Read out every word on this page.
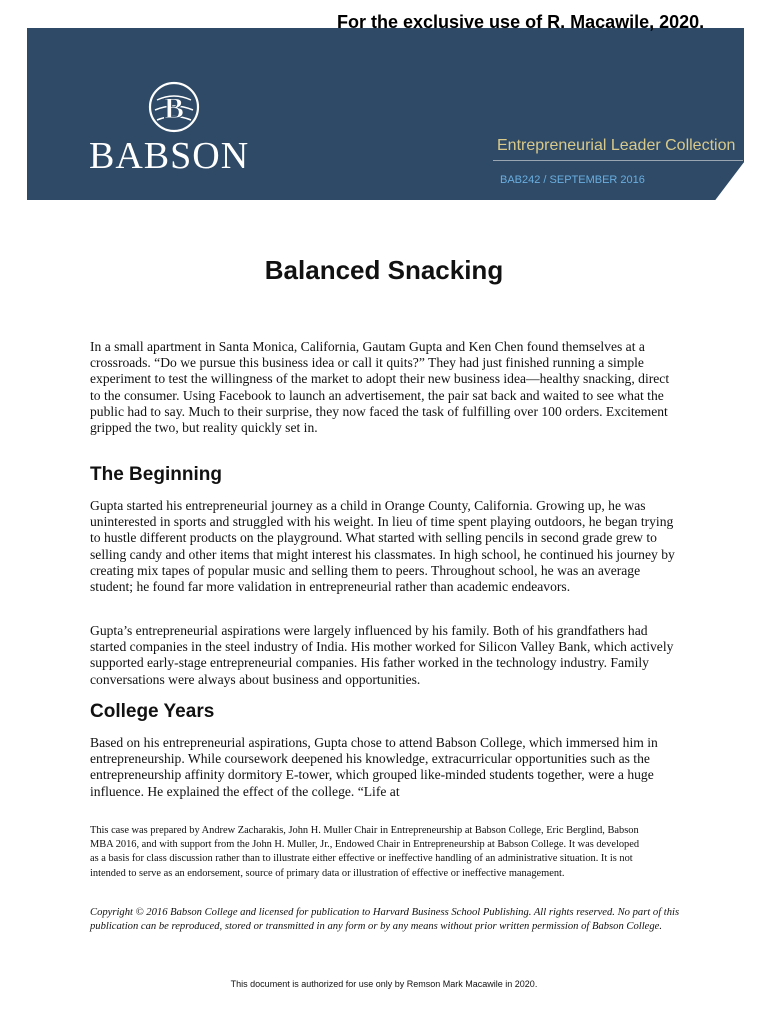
For the exclusive use of R. Macawile, 2020.
B
BABSON	Entrepreneurial Leader Collection
BAB242 / SEPTEMBER 2016
Balanced Snacking

In a small apartment in Santa Monica, California, Gautam Gupta and Ken Chen found themselves at a crossroads. “Do we pursue this business idea or call it quits?” They had just finished running a simple experiment to test the willingness of the market to adopt their new business idea—healthy snacking, direct to the consumer. Using Facebook to launch an advertisement, the pair sat back and waited to see what the public had to say. Much to their surprise, they now faced the task of fulfilling over 100 orders. Excitement gripped the two, but reality quickly set in.

The Beginning

Gupta started his entrepreneurial journey as a child in Orange County, California. Growing up, he was uninterested in sports and struggled with his weight. In lieu of time spent playing outdoors, he began trying to hustle different products on the playground. What started with selling pencils in second grade grew to selling candy and other items that might interest his classmates. In high school, he continued his journey by creating mix tapes of popular music and selling them to peers. Throughout school, he was an average student; he found far more validation in entrepreneurial rather than academic endeavors.

Gupta’s entrepreneurial aspirations were largely influenced by his family. Both of his grandfathers had started companies in the steel industry of India. His mother worked for Silicon Valley Bank, which actively supported early-stage entrepreneurial companies. His father worked in the technology industry. Family conversations were always about business and opportunities.

College Years

Based on his entrepreneurial aspirations, Gupta chose to attend Babson College, which immersed him in entrepreneurship. While coursework deepened his knowledge, extracurricular opportunities such as the entrepreneurship affinity dormitory E-tower, which grouped like-minded students together, were a huge influence. He explained the effect of the college. “Life at

This case was prepared by Andrew Zacharakis, John H. Muller Chair in Entrepreneurship at Babson College, Eric Berglind, Babson MBA 2016, and with support from the John H. Muller, Jr., Endowed Chair in Entrepreneurship at Babson College. It was developed as a basis for class discussion rather than to illustrate either effective or ineffective handling of an administrative situation. It is not intended to serve as an endorsement, source of primary data or illustration of effective or ineffective management.

Copyright © 2016 Babson College and licensed for publication to Harvard Business School Publishing. All rights reserved. No part of this publication can be reproduced, stored or transmitted in any form or by any means without prior written permission of Babson College.

This document is authorized for use only by Remson Mark Macawile in 2020.
